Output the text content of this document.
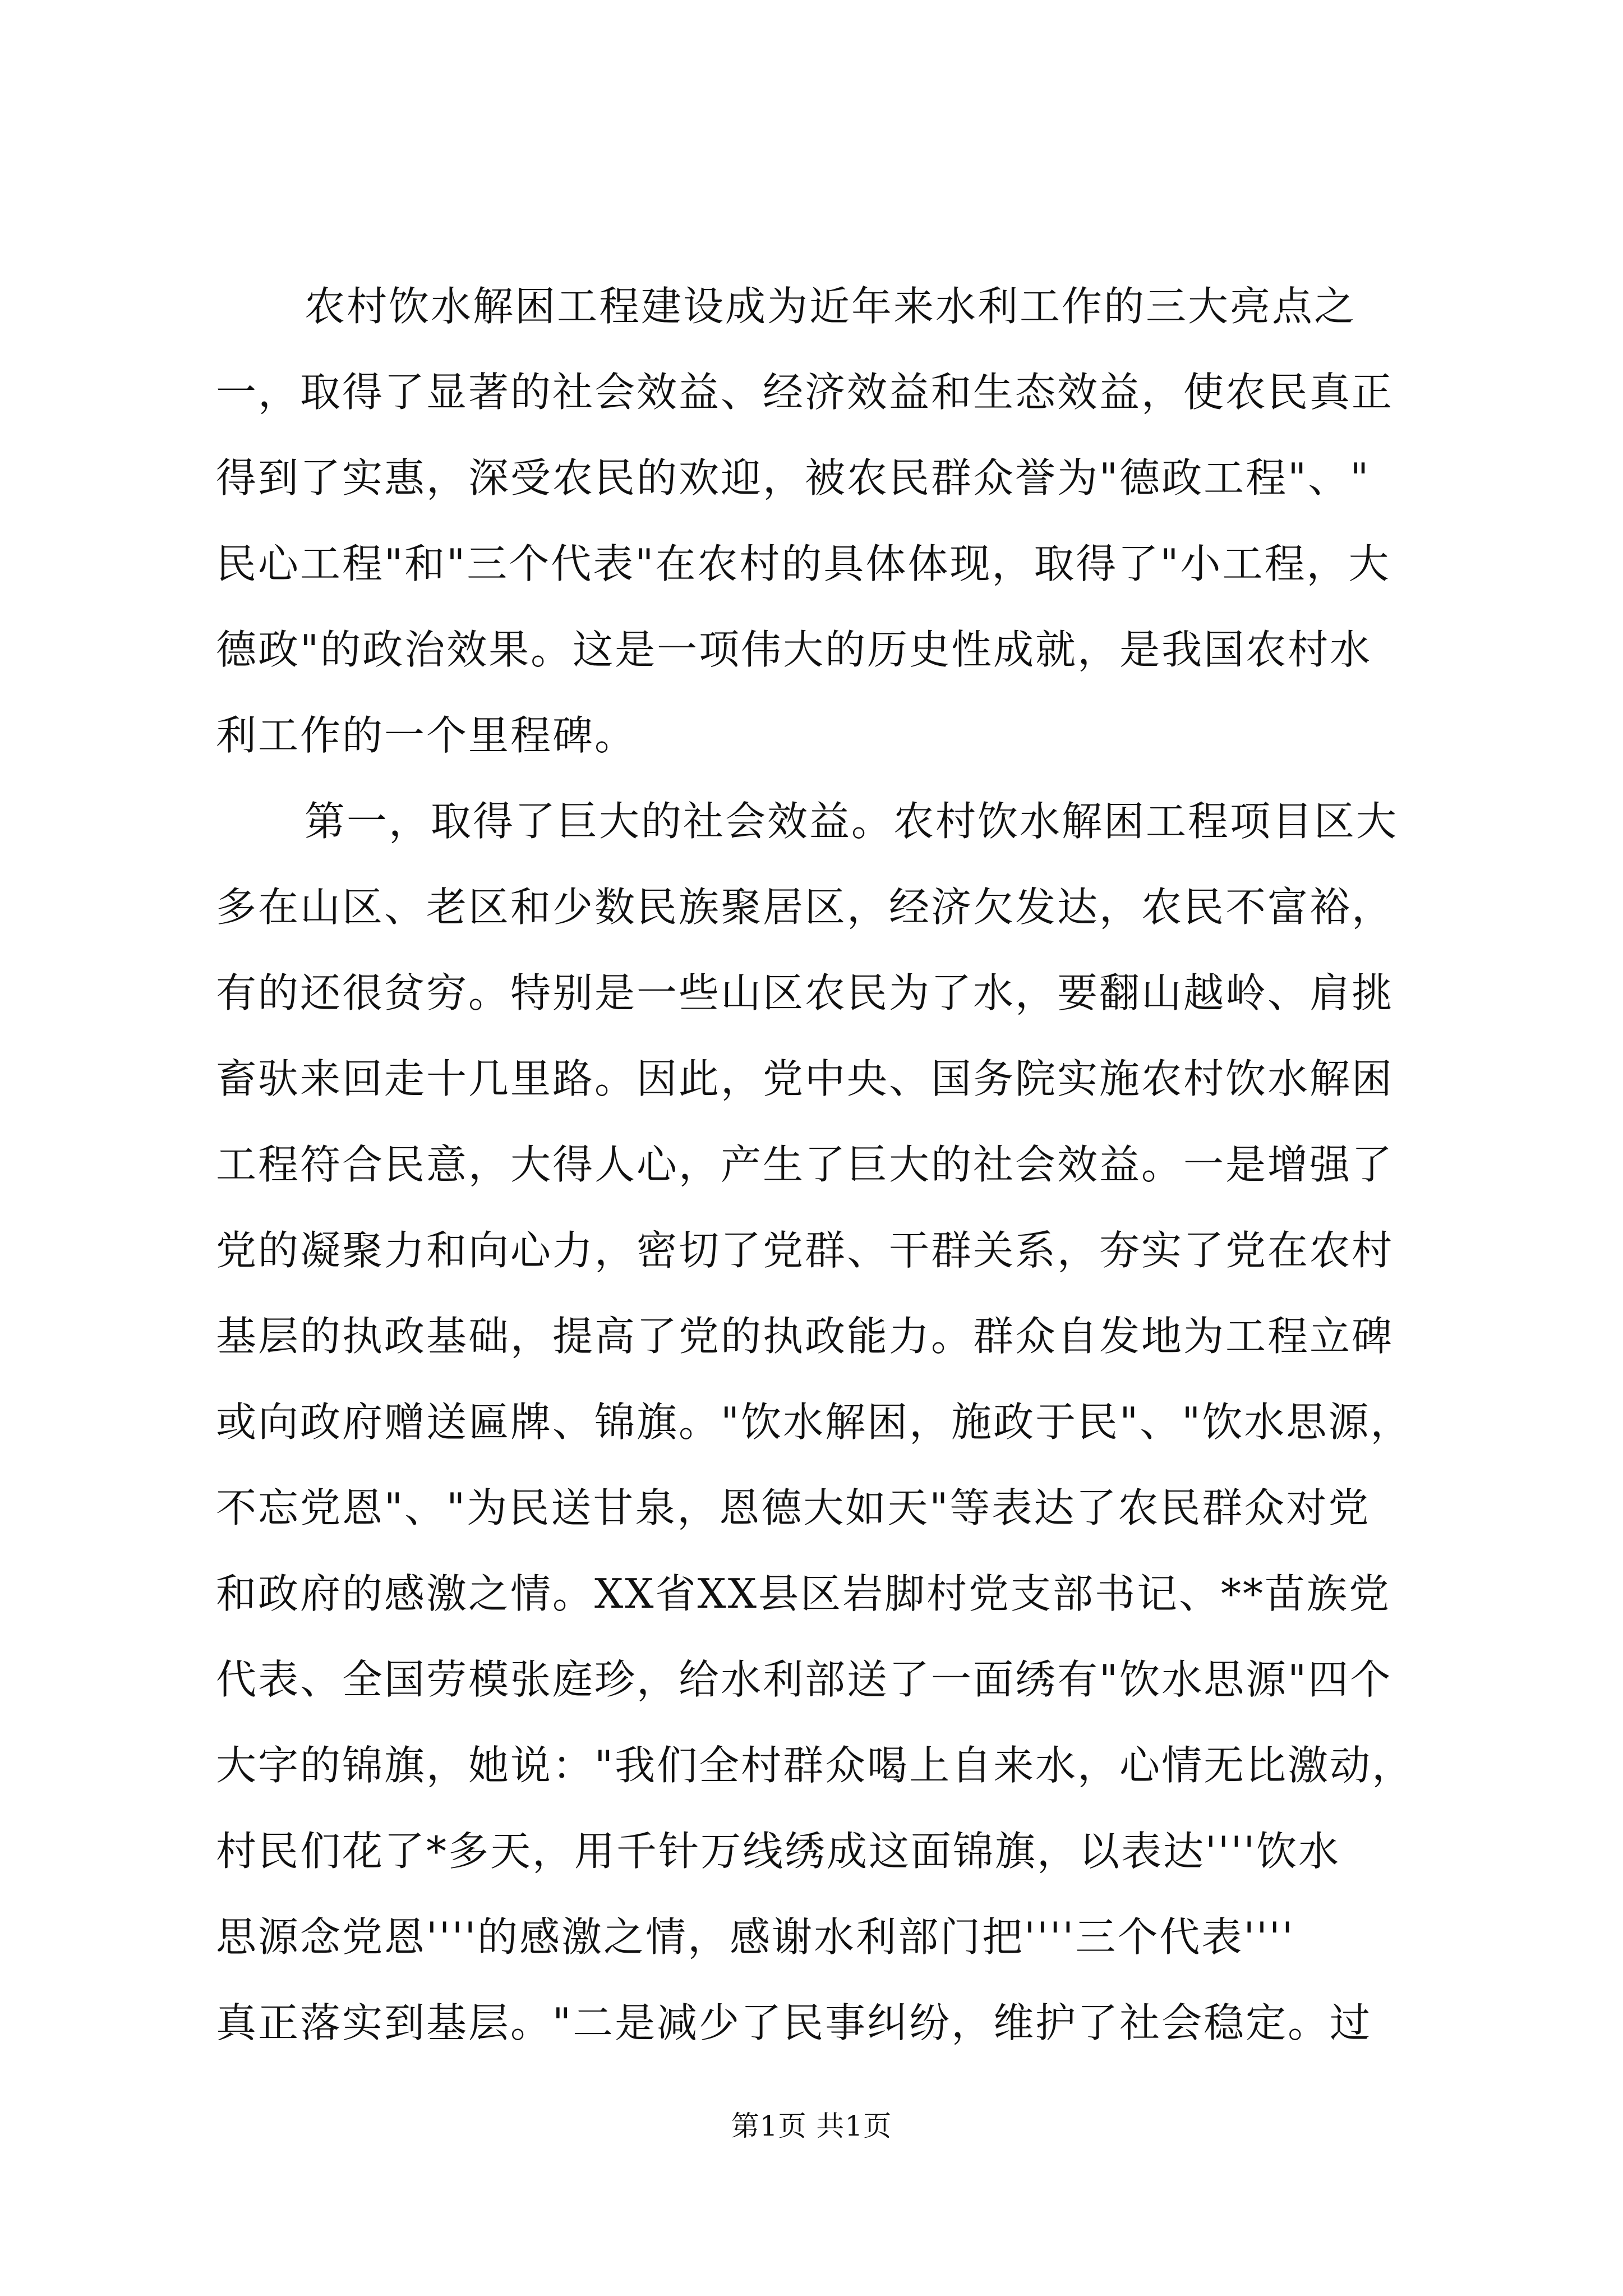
农村饮水解困工程建设成为近年来水利工作的三大亮点之
一，取得了显著的社会效益、经济效益和生态效益，使农民真正
得到了实惠，深受农民的欢迎，被农民群众誉为"德政工程"、"
民心工程"和"三个代表"在农村的具体体现，取得了"小工程，大
德政"的政治效果。这是一项伟大的历史性成就，是我国农村水
利工作的一个里程碑。
第一，取得了巨大的社会效益。农村饮水解困工程项目区大
多在山区、老区和少数民族聚居区，经济欠发达，农民不富裕，
有的还很贫穷。特别是一些山区农民为了水，要翻山越岭、肩挑
畜驮来回走十几里路。因此，党中央、国务院实施农村饮水解困
工程符合民意，大得人心，产生了巨大的社会效益。一是增强了
党的凝聚力和向心力，密切了党群、干群关系，夯实了党在农村
基层的执政基础，提高了党的执政能力。群众自发地为工程立碑
或向政府赠送匾牌、锦旗。"饮水解困，施政于民"、"饮水思源，
不忘党恩"、"为民送甘泉，恩德大如天"等表达了农民群众对党
和政府的感激之情。XX省XX县区岩脚村党支部书记、**苗族党
代表、全国劳模张庭珍，给水利部送了一面绣有"饮水思源"四个
大字的锦旗，她说："我们全村群众喝上自来水，心情无比激动，
村民们花了*多天，用千针万线绣成这面锦旗，以表达''''饮水
思源念党恩''''的感激之情，感谢水利部门把''''三个代表''''
真正落实到基层。"二是减少了民事纠纷，维护了社会稳定。过
第1页 共1页
